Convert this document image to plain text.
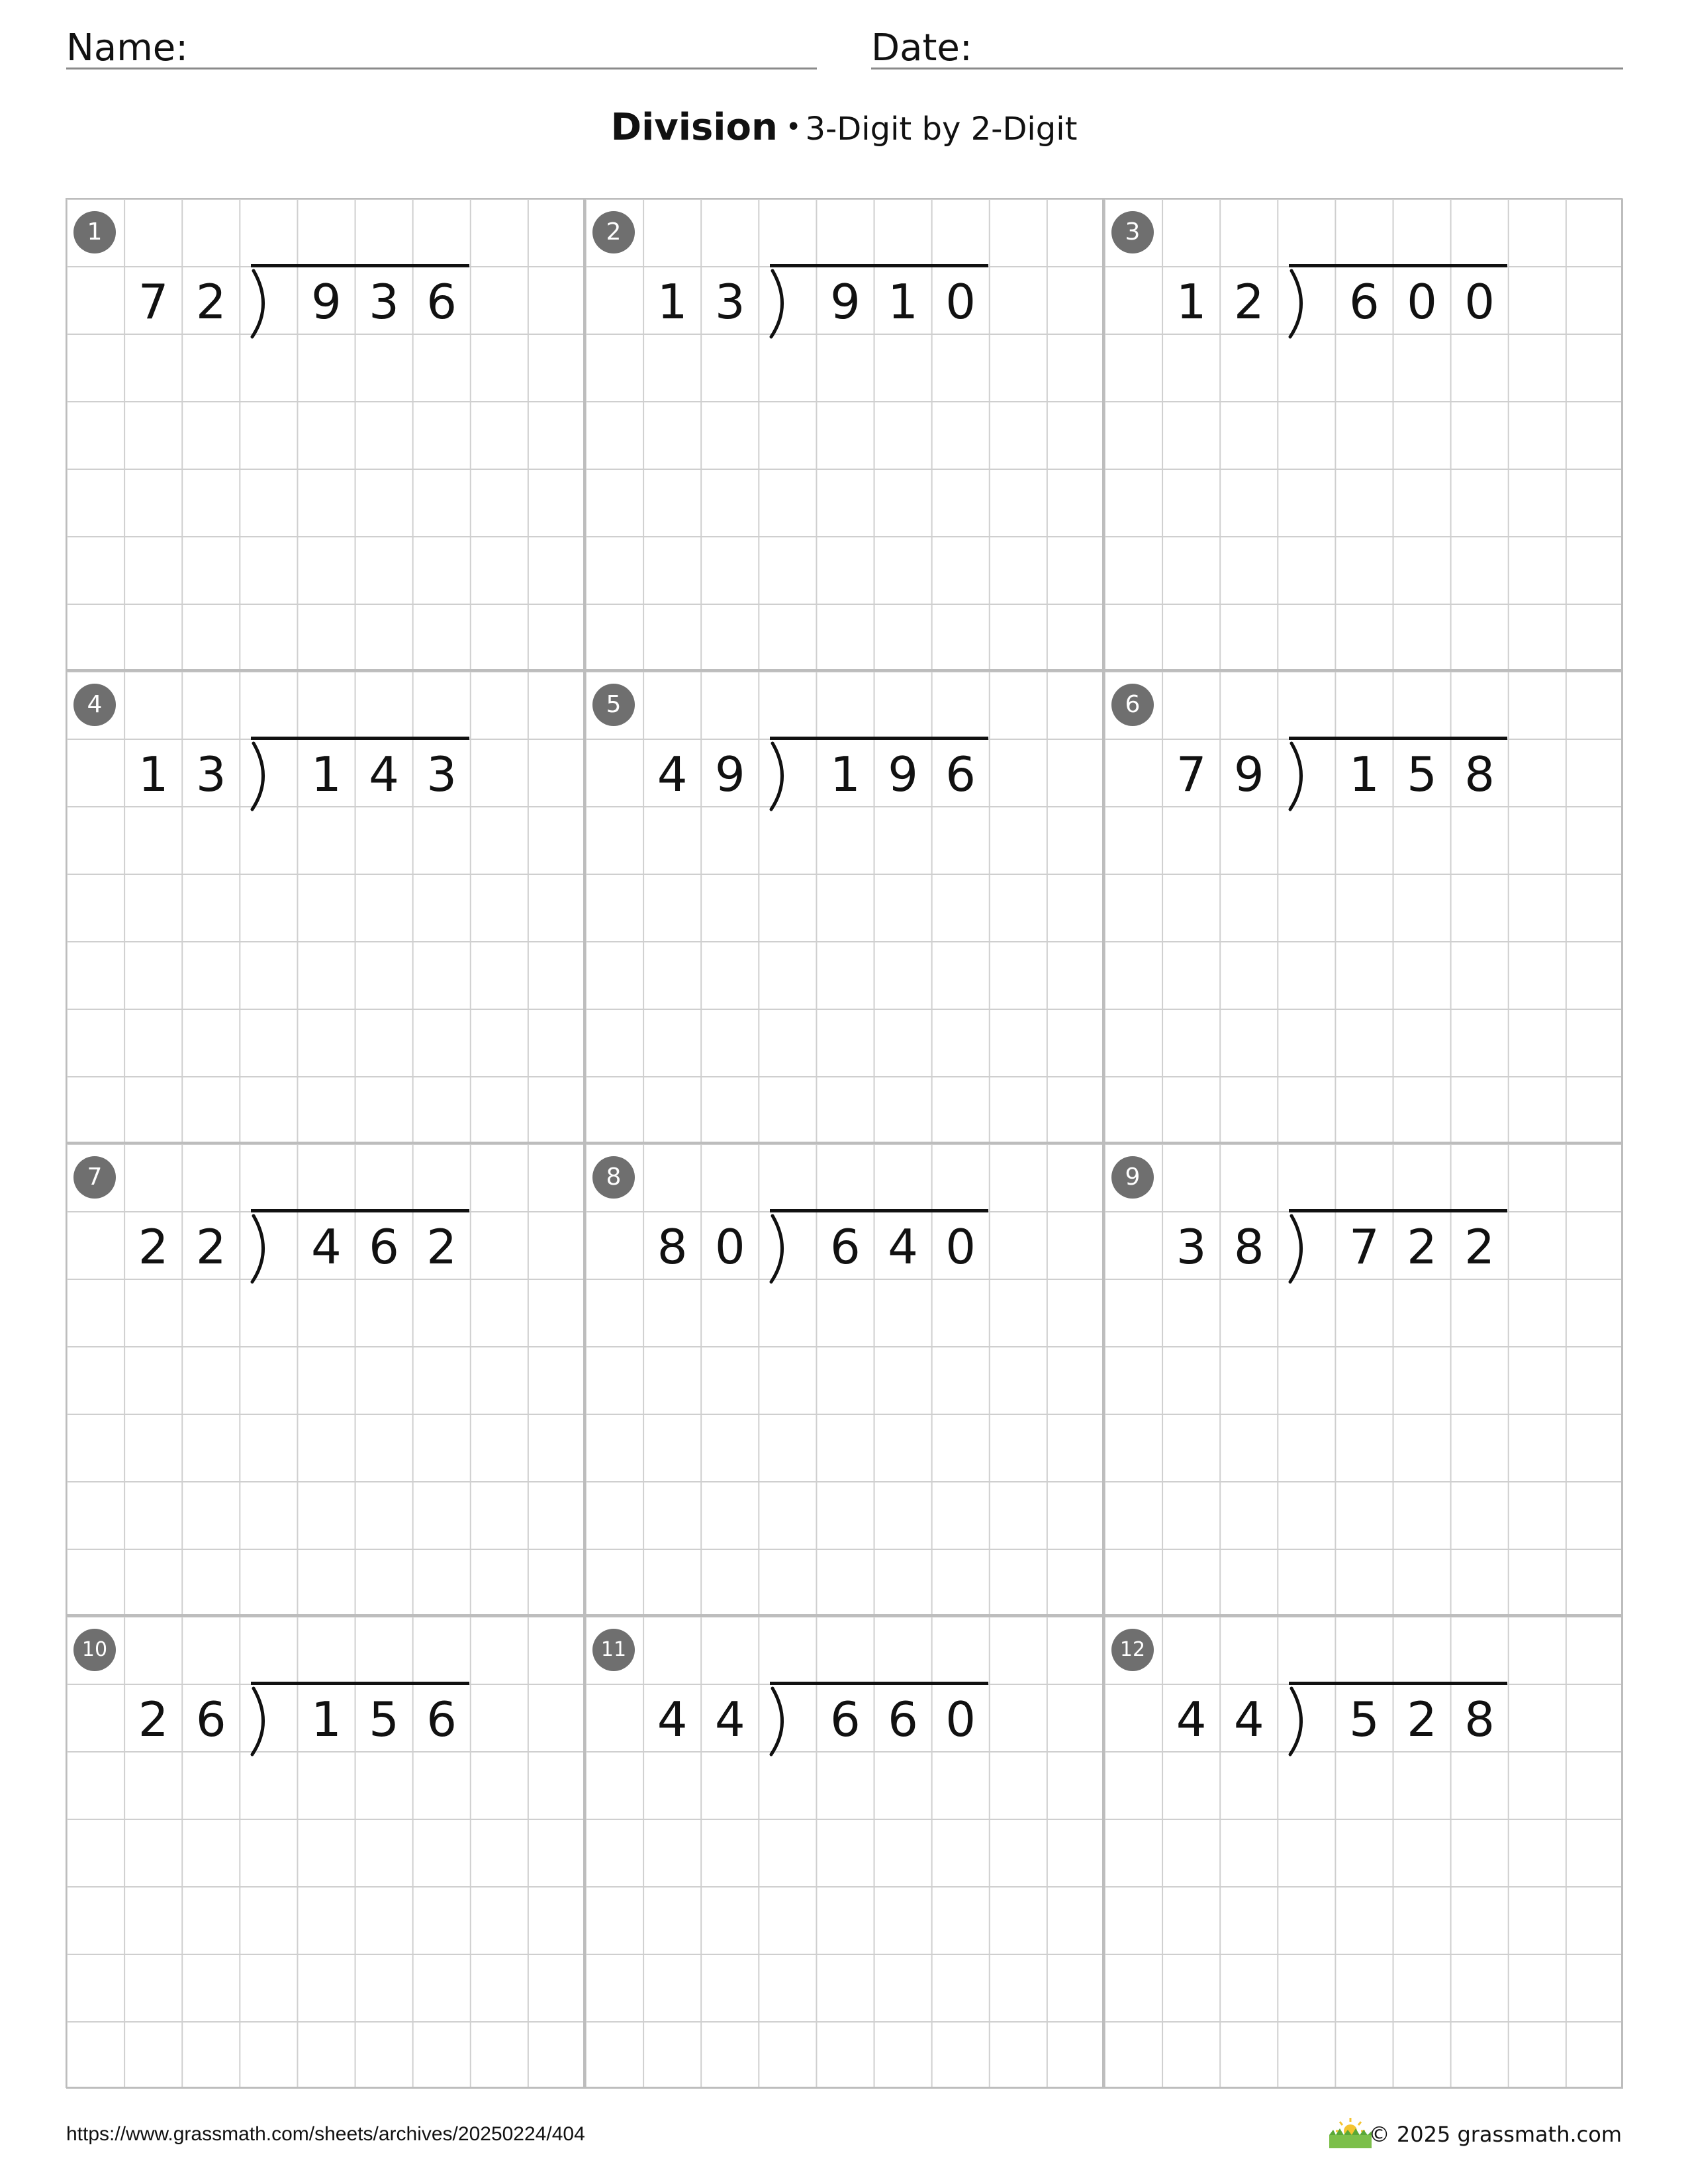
Name:	Date:
Division • 3-Digit by 2-Digit
1
7 2 9 3 6
2
1 3 9 1 0
3
1 2 6 0 0
4
1 3 1 4 3
5
4 9 1 9 6
6
7 9 1 5 8
7
2 2 4 6 2
8
8 0 6 4 0
9
3 8 7 2 2
10
2 6 1 5 6
11
4 4 6 6 0
12
4 4 5 2 8
https://www.grassmath.com/sheets/archives/20250224/404	© 2025 grassmath.com
